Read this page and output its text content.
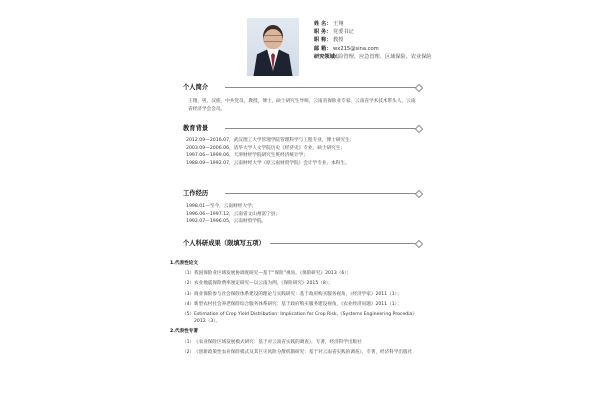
姓 名： 王翔
职 务： 党委书记
职 称： 教授
邮 箱： wx215@sina.com
研究领域：
风险管理、应急管理、区域保险、农业保险
个人简介
王翔，男，汉族，中共党员，教授，博士，硕士研究生导师，云南省保险业专家，云南省学术技术带头人，云南省经济学会会员。
教育背景
2012.09—2016.07，武汉理工大学管理学院管理科学与工程专业，博士研究生；
2003.09—2006.06，清华大学人文学院历史《经济史》专业，硕士研究生；
1997.06—1999.06，天津财经学院研究生班经济统计学；
1988.09—1992.07，云南财经大学（原云南财贸学院）会计学专业，本科生。
工作经历
1998.01—至今，云南财经大学；
1996.06—1997.12，云南省文山州富宁县；
1992.07—1996.05，云南财贸学院。
个人科研成果（限填写五项）
1.代表性论文
（1） 我国保险业区域发展协调度研究—基于“保险”视角，《保险研究》2013（6）；
（2） 农业地震保险费率厘定研究—以云南为例，《保险研究》2015（8）；
（3） 商业保险参与社会保险体系建设的理论与实践研究：基于政府购买服务视角，《经济学家》2011（1）；
（4） 新型农村社会养老保险综合服务体系研究：基于政府购买服务建设视角，《农业经济问题》2011（1）；
（5） Estimation of Crop Yield Distribution: Implication for Crop Risk,《Systems Engineering Procedia》2012（3）。
2.代表性专著
（1） 《农业保险区域发展模式研究：基于对云南省实践的调查》，专著，经济科学出版社
（2） 《创新政策性农业保险模式及其巨灾风险分散机制研究：基于对云南省实践的调查》，专著，经济科学出版社
